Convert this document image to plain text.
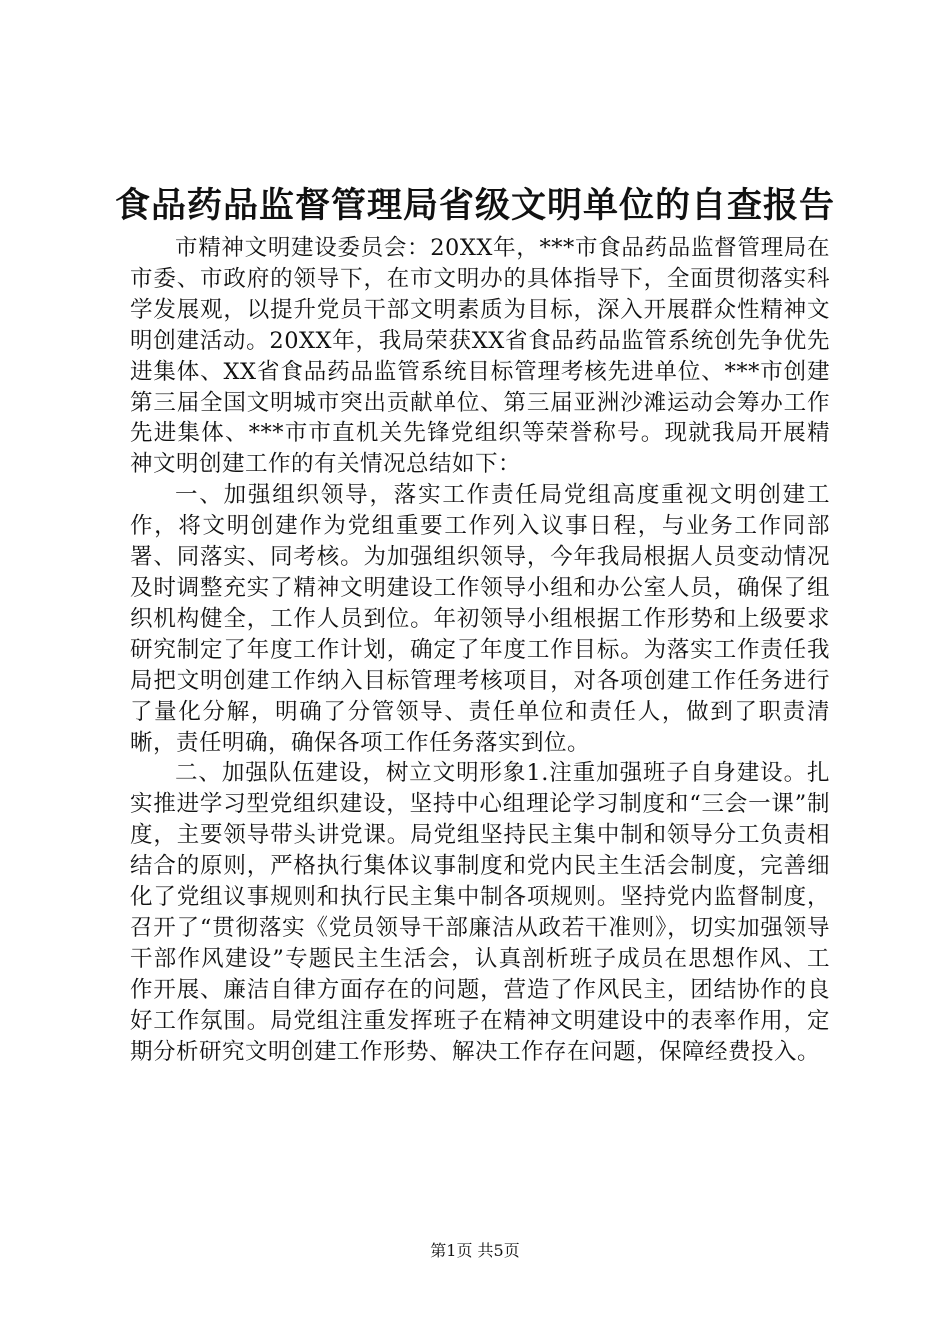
食品药品监督管理局省级文明单位的自查报告

市精神文明建设委员会：20XX年，***市食品药品监督管理局在市委、市政府的领导下，在市文明办的具体指导下，全面贯彻落实科学发展观，以提升党员干部文明素质为目标，深入开展群众性精神文明创建活动。20XX年，我局荣获XX省食品药品监管系统创先争优先进集体、XX省食品药品监管系统目标管理考核先进单位、***市创建第三届全国文明城市突出贡献单位、第三届亚洲沙滩运动会筹办工作先进集体、***市市直机关先锋党组织等荣誉称号。现就我局开展精神文明创建工作的有关情况总结如下：

一、加强组织领导，落实工作责任局党组高度重视文明创建工作，将文明创建作为党组重要工作列入议事日程，与业务工作同部署、同落实、同考核。为加强组织领导，今年我局根据人员变动情况及时调整充实了精神文明建设工作领导小组和办公室人员，确保了组织机构健全，工作人员到位。年初领导小组根据工作形势和上级要求研究制定了年度工作计划，确定了年度工作目标。为落实工作责任我局把文明创建工作纳入目标管理考核项目，对各项创建工作任务进行了量化分解，明确了分管领导、责任单位和责任人，做到了职责清晰，责任明确，确保各项工作任务落实到位。

二、加强队伍建设，树立文明形象1.注重加强班子自身建设。扎实推进学习型党组织建设，坚持中心组理论学习制度和“三会一课”制度，主要领导带头讲党课。局党组坚持民主集中制和领导分工负责相结合的原则，严格执行集体议事制度和党内民主生活会制度，完善细化了党组议事规则和执行民主集中制各项规则。坚持党内监督制度，召开了“贯彻落实《党员领导干部廉洁从政若干准则》，切实加强领导干部作风建设”专题民主生活会，认真剖析班子成员在思想作风、工作开展、廉洁自律方面存在的问题，营造了作风民主，团结协作的良好工作氛围。局党组注重发挥班子在精神文明建设中的表率作用，定期分析研究文明创建工作形势、解决工作存在问题，保障经费投入。

第1页 共5页
